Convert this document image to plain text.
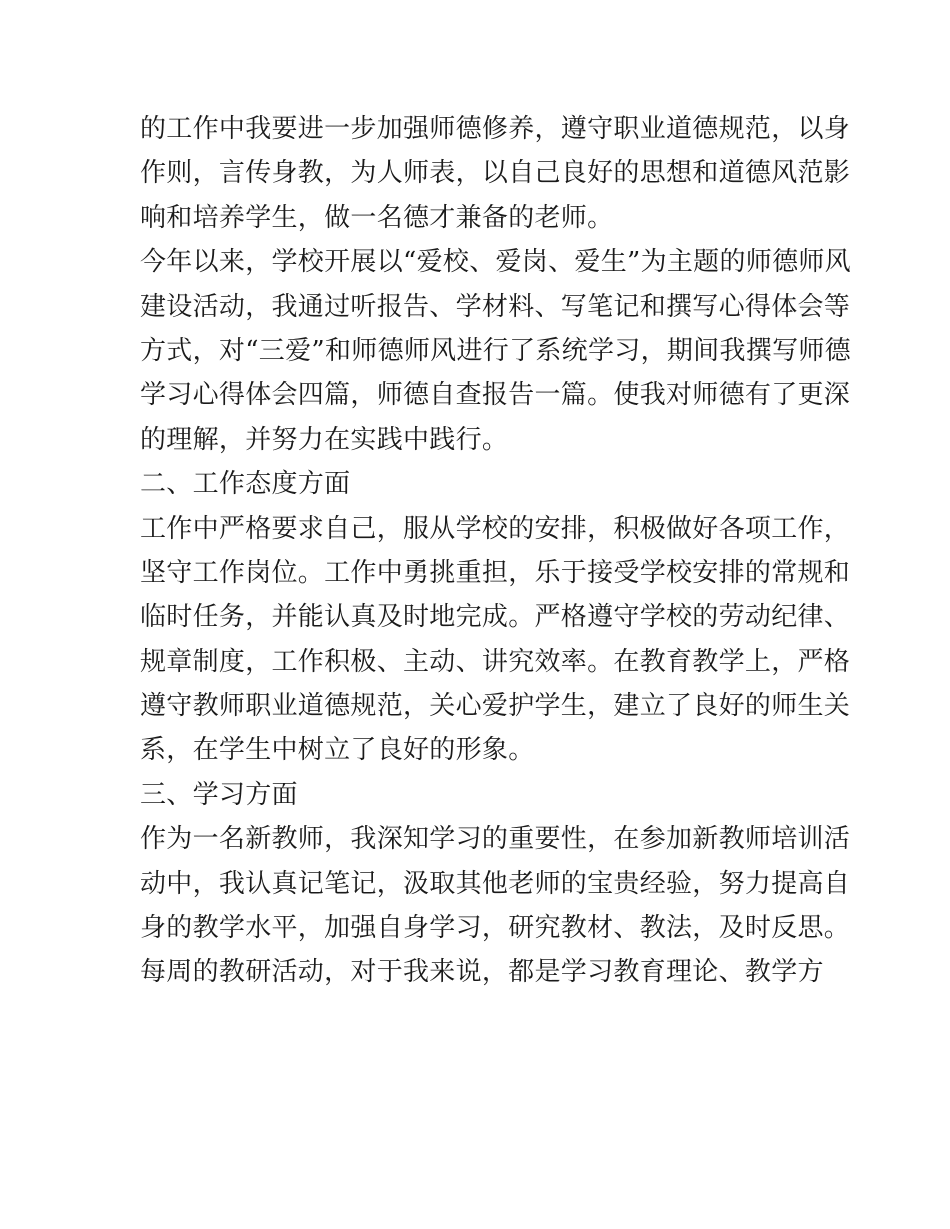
的工作中我要进一步加强师德修养，遵守职业道德规范，以身
作则，言传身教，为人师表，以自己良好的思想和道德风范影
响和培养学生，做一名德才兼备的老师。
今年以来，学校开展以“爱校、爱岗、爱生”为主题的师德师风
建设活动，我通过听报告、学材料、写笔记和撰写心得体会等
方式，对“三爱”和师德师风进行了系统学习，期间我撰写师德
学习心得体会四篇，师德自查报告一篇。使我对师德有了更深
的理解，并努力在实践中践行。
二、工作态度方面
工作中严格要求自己，服从学校的安排，积极做好各项工作，
坚守工作岗位。工作中勇挑重担，乐于接受学校安排的常规和
临时任务，并能认真及时地完成。严格遵守学校的劳动纪律、
规章制度，工作积极、主动、讲究效率。在教育教学上，严格
遵守教师职业道德规范，关心爱护学生，建立了良好的师生关
系，在学生中树立了良好的形象。
三、学习方面
作为一名新教师，我深知学习的重要性，在参加新教师培训活
动中，我认真记笔记，汲取其他老师的宝贵经验，努力提高自
身的教学水平，加强自身学习，研究教材、教法，及时反思。
每周的教研活动，对于我来说，都是学习教育理论、教学方
